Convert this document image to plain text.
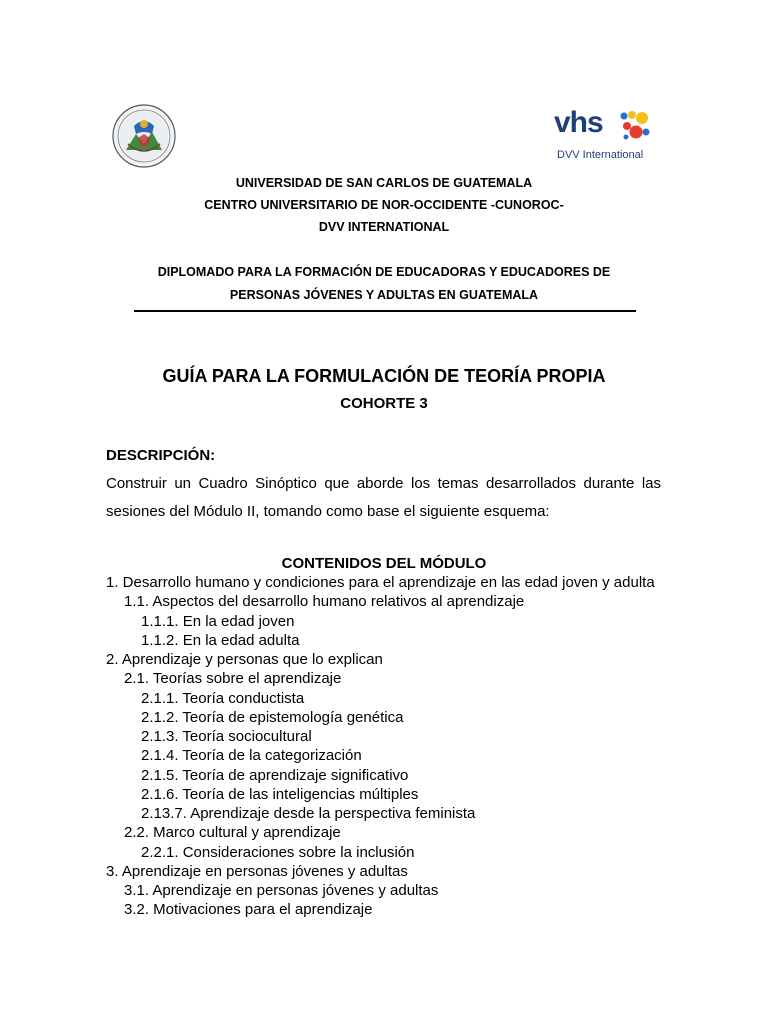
vhs
DVV International
UNIVERSIDAD DE SAN CARLOS DE GUATEMALA
CENTRO UNIVERSITARIO DE NOR-OCCIDENTE -CUNOROC-
DVV INTERNATIONAL
DIPLOMADO PARA LA FORMACIÓN DE EDUCADORAS Y EDUCADORES DE
PERSONAS JÓVENES Y ADULTAS EN GUATEMALA
GUÍA PARA LA FORMULACIÓN DE TEORÍA PROPIA
COHORTE 3
DESCRIPCIÓN:
Construir un Cuadro Sinóptico que aborde los temas desarrollados durante las sesiones del Módulo II, tomando como base el siguiente esquema:
CONTENIDOS DEL MÓDULO
1. Desarrollo humano y condiciones para el aprendizaje en las edad joven y adulta
1.1. Aspectos del desarrollo humano relativos al aprendizaje
1.1.1. En la edad joven
1.1.2. En la edad adulta
2. Aprendizaje y personas que lo explican
2.1. Teorías sobre el aprendizaje
2.1.1. Teoría conductista
2.1.2. Teoría de epistemología genética
2.1.3. Teoría sociocultural
2.1.4. Teoría de la categorización
2.1.5. Teoría de aprendizaje significativo
2.1.6. Teoría de las inteligencias múltiples
2.13.7. Aprendizaje desde la perspectiva feminista
2.2. Marco cultural y aprendizaje
2.2.1. Consideraciones sobre la inclusión
3. Aprendizaje en personas jóvenes y adultas
3.1. Aprendizaje en personas jóvenes y adultas
3.2. Motivaciones para el aprendizaje
